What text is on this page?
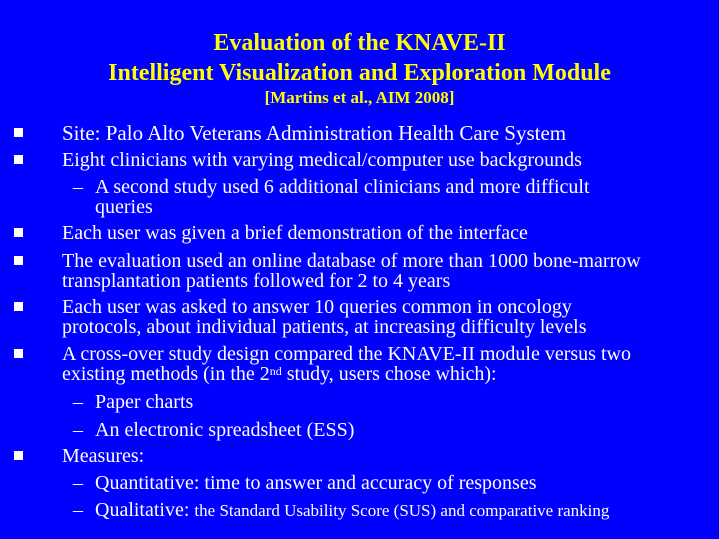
Evaluation of the KNAVE-II
Intelligent Visualization and Exploration Module
[Martins et al., AIM 2008]
Site: Palo Alto Veterans Administration Health Care System
Eight clinicians with varying medical/computer use backgrounds
– A second study used 6 additional clinicians and more difficult
queries
Each user was given a brief demonstration of the interface
The evaluation used an online database of more than 1000 bone-marrow
transplantation patients followed for 2 to 4 years
Each user was asked to answer 10 queries common in oncology
protocols, about individual patients, at increasing difficulty levels
A cross-over study design compared the KNAVE-II module versus two
existing methods (in the 2nd study, users chose which):
– Paper charts
– An electronic spreadsheet (ESS)
Measures:
– Quantitative: time to answer and accuracy of responses
– Qualitative: the Standard Usability Score (SUS) and comparative ranking
